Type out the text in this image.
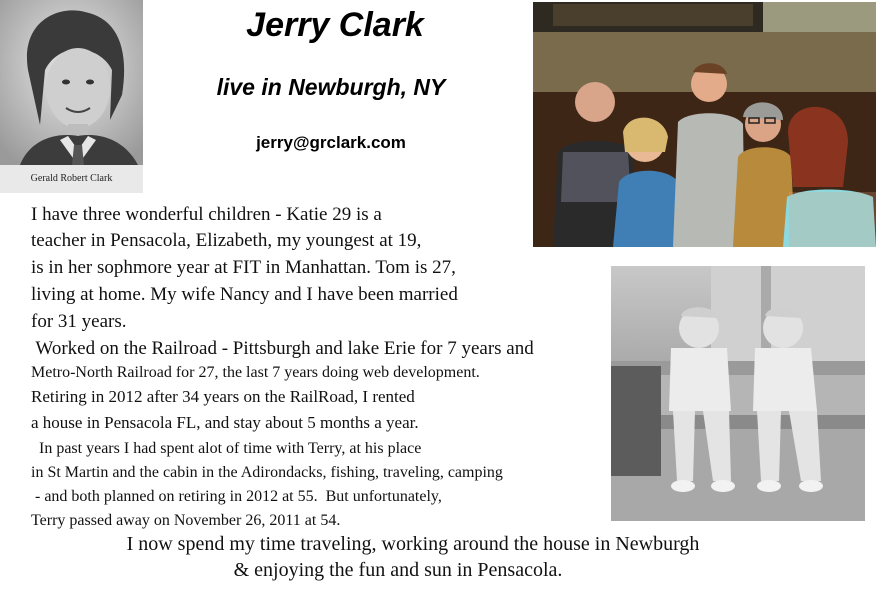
Gerald Robert Clark
Jerry Clark
live in Newburgh, NY
jerry@grclark.com
I have three wonderful children - Katie 29 is a
teacher in Pensacola, Elizabeth, my youngest at 19,
is in her sophmore year at FIT in Manhattan. Tom is 27,
living at home. My wife Nancy and I have been married
for 31 years.
Worked on the Railroad - Pittsburgh and lake Erie for 7 years and
Metro-North Railroad for 27, the last 7 years doing web development.
Retiring in 2012 after 34 years on the RailRoad, I rented
a house in Pensacola FL, and stay about 5 months a year.
In past years I had spent alot of time with Terry, at his place
in St Martin and the cabin in the Adirondacks, fishing, traveling, camping
- and both planned on retiring in 2012 at 55.  But unfortunately,
Terry passed away on November 26, 2011 at 54.
I now spend my time traveling, working around the house in Newburgh
& enjoying the fun and sun in Pensacola.
